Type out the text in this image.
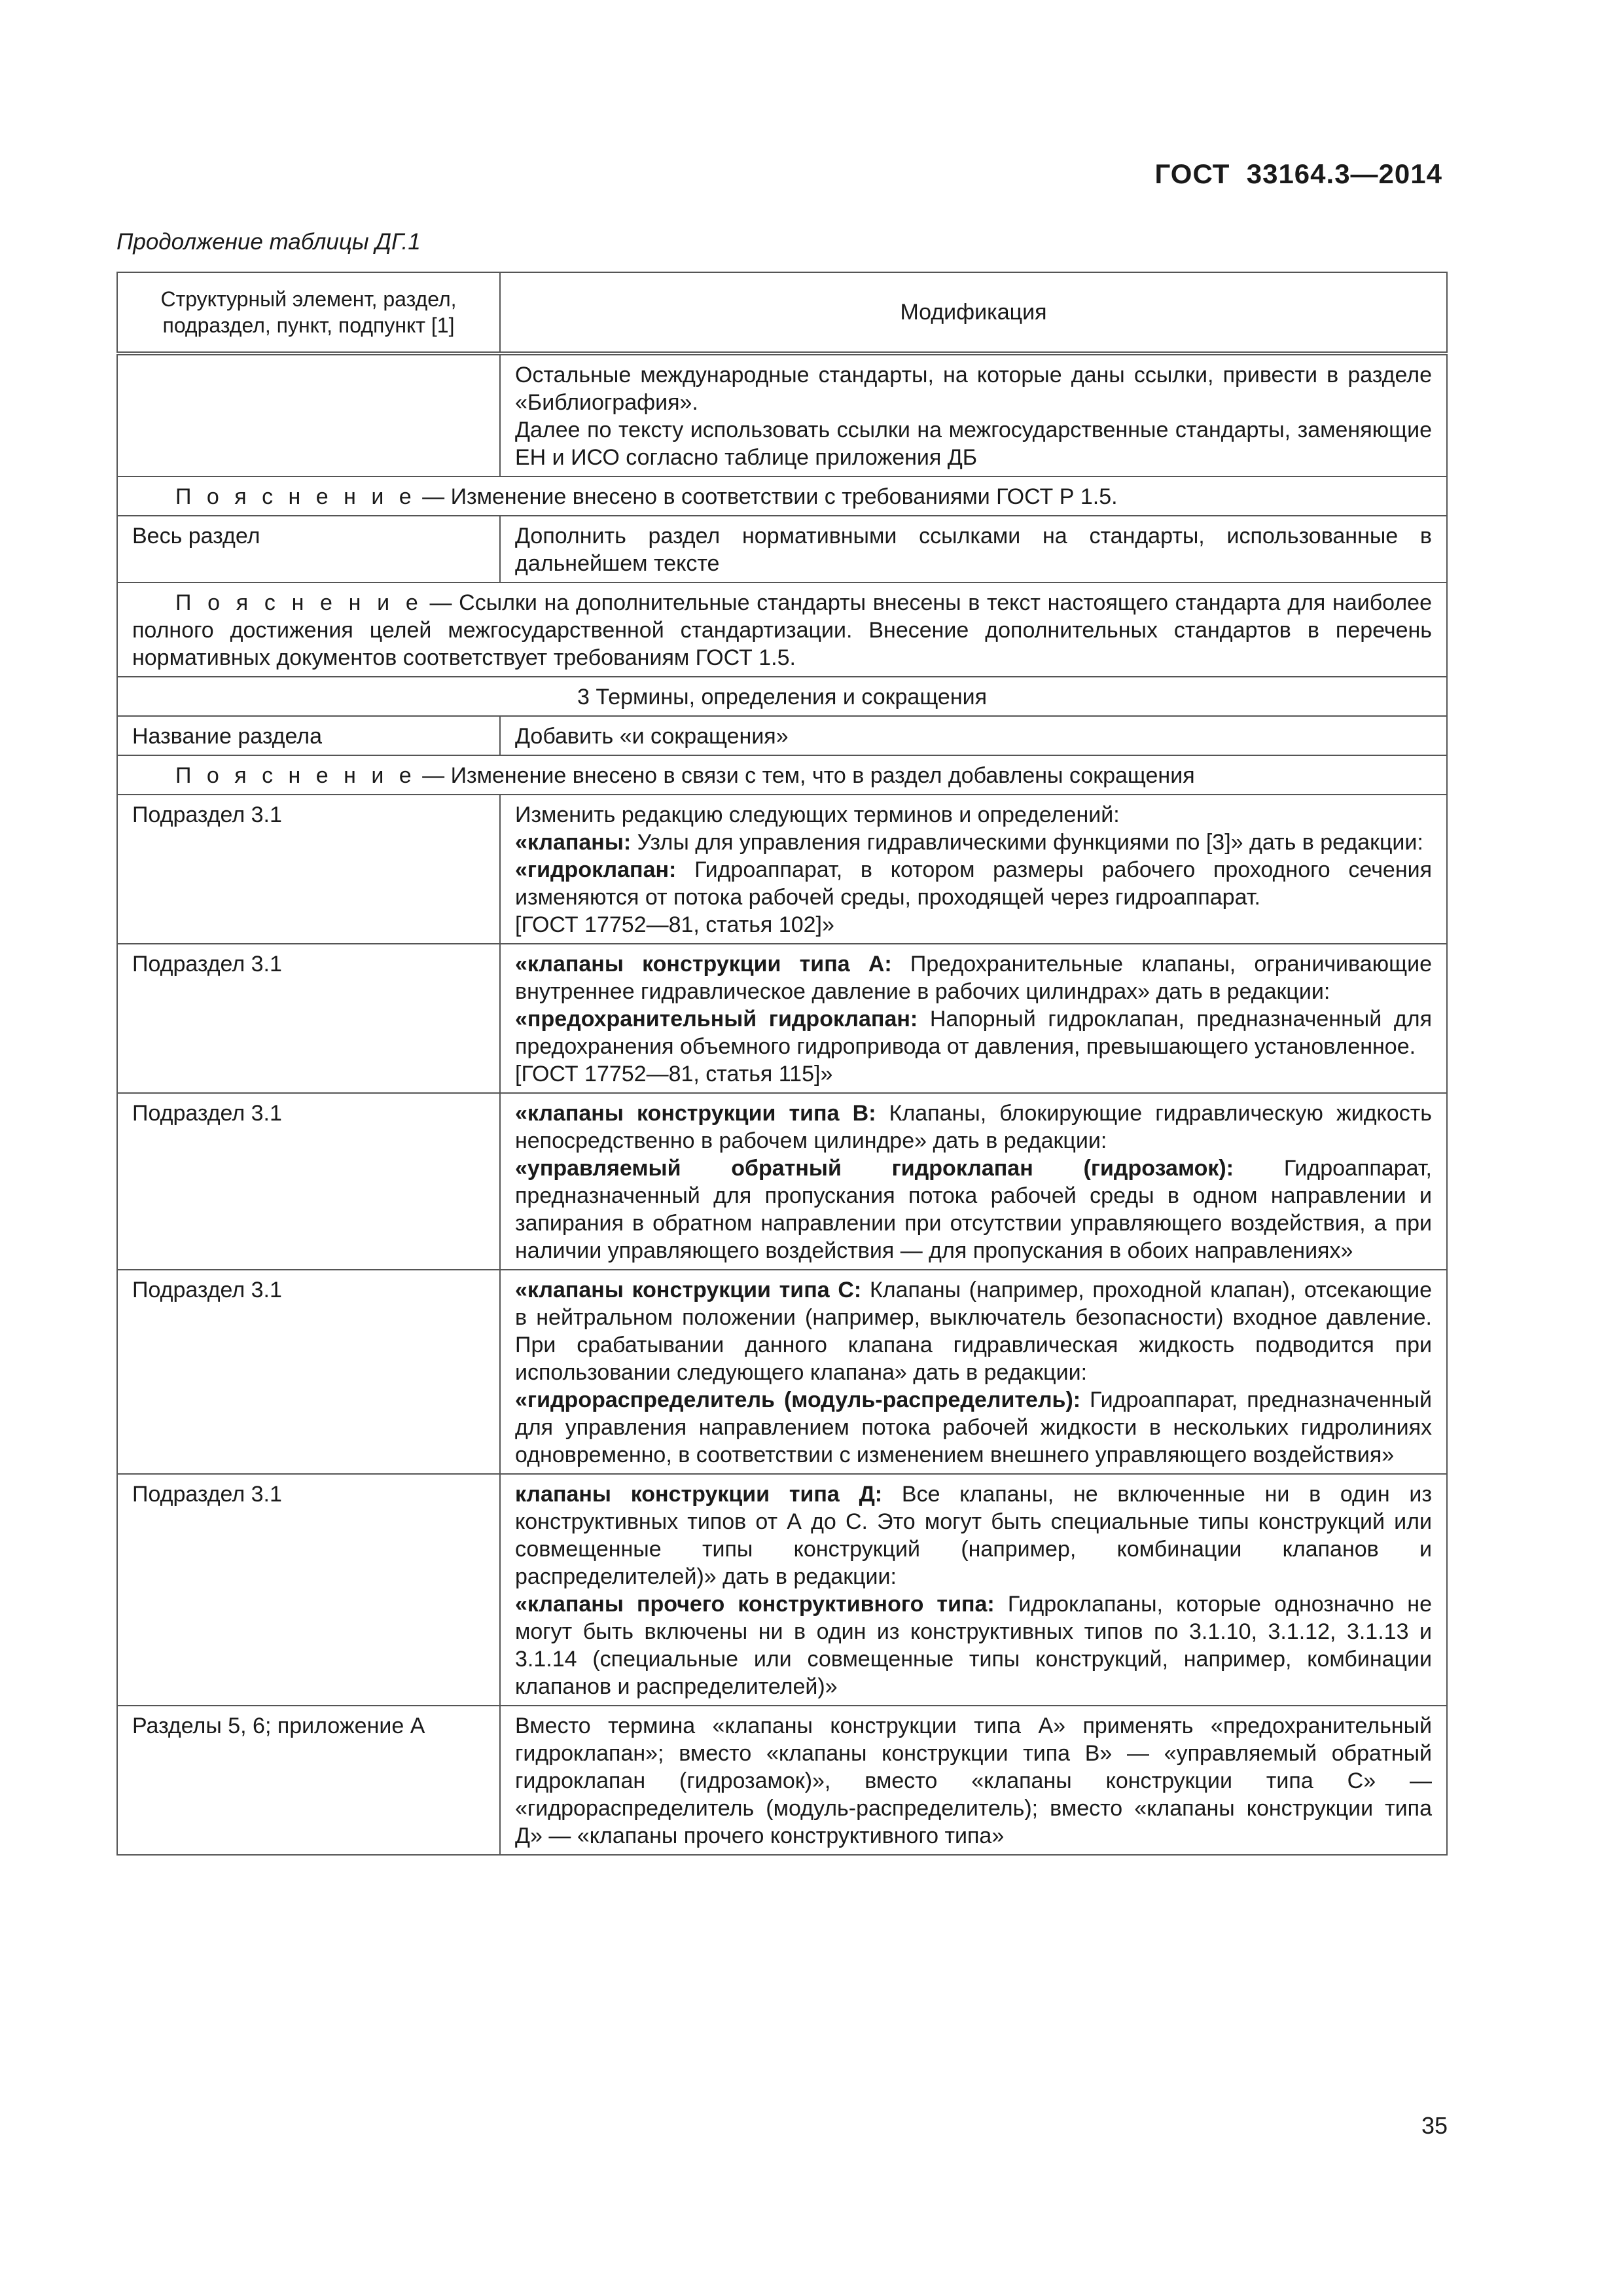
ГОСТ  33164.3—2014
Продолжение таблицы ДГ.1
Структурный элемент, раздел, подраздел, пункт, подпункт [1]	Модификация

	Остальные международные стандарты, на которые даны ссылки, привести в разделе «Библиография».
Далее по тексту использовать ссылки на межгосударственные стандарты, заменяющие ЕН и ИСО согласно таблице приложения ДБ

П о я с н е н и е — Изменение внесено в соответствии с требованиями ГОСТ Р 1.5.	
Весь раздел	Дополнить раздел нормативными ссылками на стандарты, использованные в дальнейшем тексте
П о я с н е н и е — Ссылки на дополнительные стандарты внесены в текст настоящего стандарта для наиболее полного достижения целей межгосударственной стандартизации. Внесение дополнительных стандартов в перечень нормативных документов соответствует требованиям ГОСТ 1.5.	
3 Термины, определения и сокращения	
Название раздела	Добавить «и сокращения»
П о я с н е н и е — Изменение внесено в связи с тем, что в раздел добавлены сокращения	
Подраздел 3.1	Изменить редакцию следующих терминов и определений:
«клапаны: Узлы для управления гидравлическими функциями по [3]» дать в редакции:
«гидроклапан: Гидроаппарат, в котором размеры рабочего проходного сечения изменяются от потока рабочей среды, проходящей через гидроаппарат.
[ГОСТ 17752—81, статья 102]»

Подраздел 3.1	«клапаны конструкции типа А: Предохранительные клапаны, ограничивающие внутреннее гидравлическое давление в рабочих цилиндрах» дать в редакции:
«предохранительный гидроклапан: Напорный гидроклапан, предназначенный для предохранения объемного гидропривода от давления, превышающего установленное.
[ГОСТ 17752—81, статья 115]»

Подраздел 3.1	«клапаны конструкции типа В: Клапаны, блокирующие гидравлическую жидкость непосредственно в рабочем цилиндре» дать в редакции:
«управляемый обратный гидроклапан (гидрозамок): Гидроаппарат, предназначенный для пропускания потока рабочей среды в одном направлении и запирания в обратном направлении при отсутствии управляющего воздействия, а при наличии управляющего воздействия — для пропускания в обоих направлениях»

Подраздел 3.1	«клапаны конструкции типа С: Клапаны (например, проходной клапан), отсекающие в нейтральном положении (например, выключатель безопасности) входное давление. При срабатывании данного клапана гидравлическая жидкость подводится при использовании следующего клапана» дать в редакции:
«гидрораспределитель (модуль-распределитель): Гидроаппарат, предназначенный для управления направлением потока рабочей жидкости в нескольких гидролиниях одновременно, в соответствии с изменением внешнего управляющего воздействия»

Подраздел 3.1	клапаны конструкции типа Д: Все клапаны, не включенные ни в один из конструктивных типов от А до С. Это могут быть специальные типы конструкций или совмещенные типы конструкций (например, комбинации клапанов и распределителей)» дать в редакции:
«клапаны прочего конструктивного типа: Гидроклапаны, которые однозначно не могут быть включены ни в один из конструктивных типов по 3.1.10, 3.1.12, 3.1.13 и 3.1.14 (специальные или совмещенные типы конструкций, например, комбинации клапанов и распределителей)»

Разделы 5, 6; приложение А	Вместо термина «клапаны конструкции типа А» применять «предохранительный гидроклапан»; вместо «клапаны конструкции типа В» — «управляемый обратный гидроклапан (гидрозамок)», вместо «клапаны конструкции типа С» — «гидрораспределитель (модуль-распределитель); вместо «клапаны конструкции типа Д» — «клапаны прочего конструктивного типа»
35
